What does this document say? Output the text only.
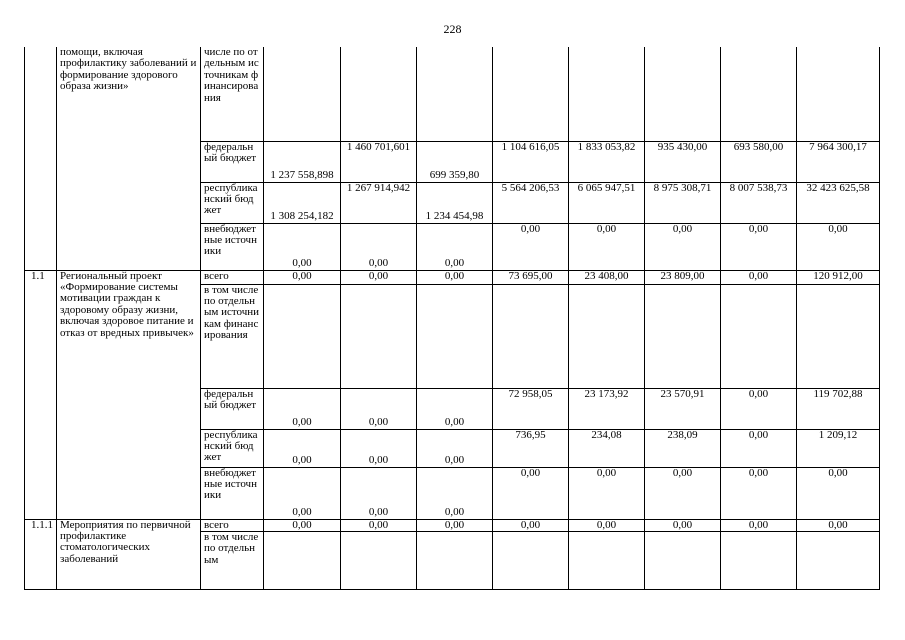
228
	помощи, включая профилактику заболеваний и формирование здорового образа жизни»	числе по отдельным источникам финансирования								
		федеральный бюджет	1 237 558,898	1 460 701,601	699 359,80	1 104 616,05	1 833 053,82	935 430,00	693 580,00	7 964 300,17
		республиканский бюджет	1 308 254,182	1 267 914,942	1 234 454,98	5 564 206,53	6 065 947,51	8 975 308,71	8 007 538,73	32 423 625,58
		внебюджетные источники	0,00	0,00	0,00	0,00	0,00	0,00	0,00	0,00
1.1	Региональный проект «Формирование системы мотивации граждан к здоровому образу жизни, включая здоровое питание и отказ от вредных привычек»	всего	0,00	0,00	0,00	73 695,00	23 408,00	23 809,00	0,00	120 912,00
		в том числе по отдельным источникам финансирования								
		федеральный бюджет	0,00	0,00	0,00	72 958,05	23 173,92	23 570,91	0,00	119 702,88
		республиканский бюджет	0,00	0,00	0,00	736,95	234,08	238,09	0,00	1 209,12
		внебюджетные источники	0,00	0,00	0,00	0,00	0,00	0,00	0,00	0,00
1.1.1	Мероприятия по первичной профилактике стоматологических заболеваний	всего	0,00	0,00	0,00	0,00	0,00	0,00	0,00	0,00
		в том числе по отдельным								
